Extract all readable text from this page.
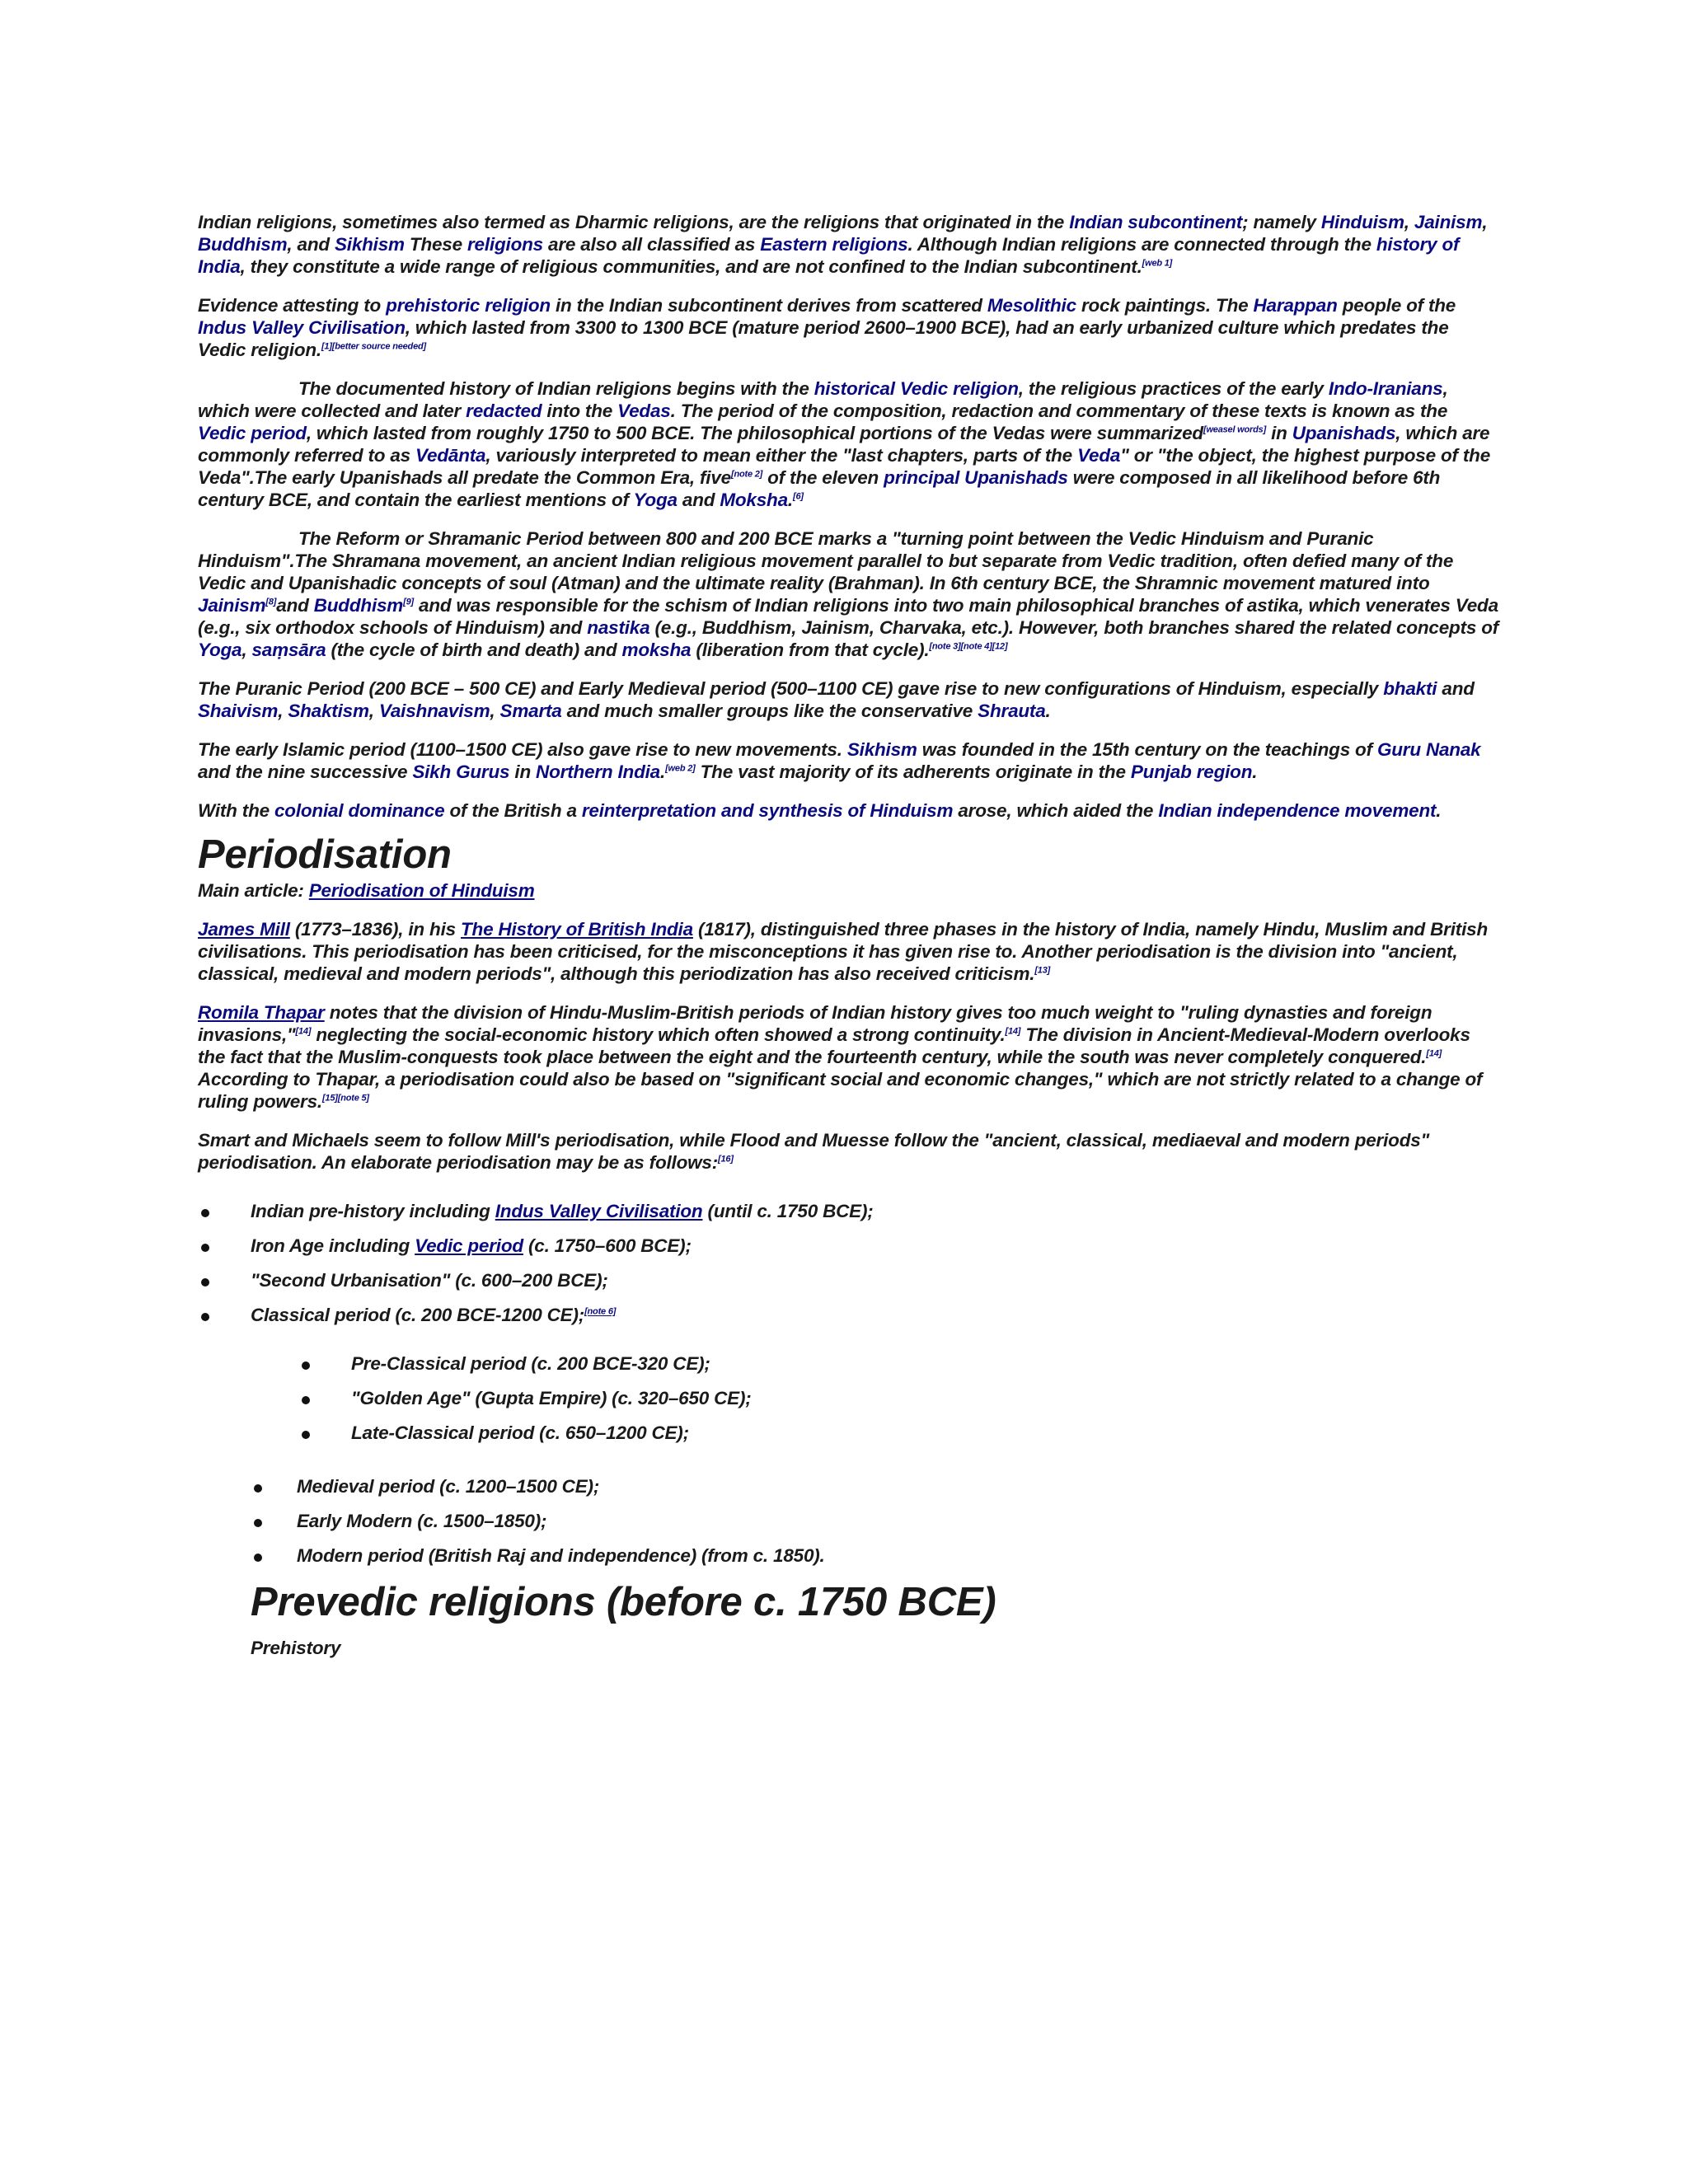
Indian religions, sometimes also termed as Dharmic religions, are the religions that originated in the Indian subcontinent; namely Hinduism, Jainism, Buddhism, and Sikhism These religions are also all classified as Eastern religions. Although Indian religions are connected through the history of India, they constitute a wide range of religious communities, and are not confined to the Indian subcontinent.[web 1]

Evidence attesting to prehistoric religion in the Indian subcontinent derives from scattered Mesolithic rock paintings. The Harappan people of the Indus Valley Civilisation, which lasted from 3300 to 1300 BCE (mature period 2600–1900 BCE), had an early urbanized culture which predates the Vedic religion.[1][better source needed]

The documented history of Indian religions begins with the historical Vedic religion, the religious practices of the early Indo-Iranians, which were collected and later redacted into the Vedas. The period of the composition, redaction and commentary of these texts is known as the Vedic period, which lasted from roughly 1750 to 500 BCE. The philosophical portions of the Vedas were summarized[weasel words] in Upanishads, which are commonly referred to as Vedānta, variously interpreted to mean either the "last chapters, parts of the Veda" or "the object, the highest purpose of the Veda".The early Upanishads all predate the Common Era, five[note 2] of the eleven principal Upanishads were composed in all likelihood before 6th century BCE, and contain the earliest mentions of Yoga and Moksha.[6]

The Reform or Shramanic Period between 800 and 200 BCE marks a "turning point between the Vedic Hinduism and Puranic Hinduism".The Shramana movement, an ancient Indian religious movement parallel to but separate from Vedic tradition, often defied many of the Vedic and Upanishadic concepts of soul (Atman) and the ultimate reality (Brahman). In 6th century BCE, the Shramnic movement matured into Jainism[8]and Buddhism[9] and was responsible for the schism of Indian religions into two main philosophical branches of astika, which venerates Veda (e.g., six orthodox schools of Hinduism) and nastika (e.g., Buddhism, Jainism, Charvaka, etc.). However, both branches shared the related concepts of Yoga, saṃsāra (the cycle of birth and death) and moksha (liberation from that cycle).[note 3][note 4][12]

The Puranic Period (200 BCE – 500 CE) and Early Medieval period (500–1100 CE) gave rise to new configurations of Hinduism, especially bhakti and Shaivism, Shaktism, Vaishnavism, Smarta and much smaller groups like the conservative Shrauta.

The early Islamic period (1100–1500 CE) also gave rise to new movements. Sikhism was founded in the 15th century on the teachings of Guru Nanak and the nine successive Sikh Gurus in Northern India.[web 2] The vast majority of its adherents originate in the Punjab region.

With the colonial dominance of the British a reinterpretation and synthesis of Hinduism arose, which aided the Indian independence movement.

Periodisation

Main article: Periodisation of Hinduism

James Mill (1773–1836), in his The History of British India (1817), distinguished three phases in the history of India, namely Hindu, Muslim and British civilisations. This periodisation has been criticised, for the misconceptions it has given rise to. Another periodisation is the division into "ancient, classical, medieval and modern periods", although this periodization has also received criticism.[13]

Romila Thapar notes that the division of Hindu-Muslim-British periods of Indian history gives too much weight to "ruling dynasties and foreign invasions,"[14] neglecting the social-economic history which often showed a strong continuity.[14] The division in Ancient-Medieval-Modern overlooks the fact that the Muslim-conquests took place between the eight and the fourteenth century, while the south was never completely conquered.[14] According to Thapar, a periodisation could also be based on "significant social and economic changes," which are not strictly related to a change of ruling powers.[15][note 5]

Smart and Michaels seem to follow Mill's periodisation, while Flood and Muesse follow the "ancient, classical, mediaeval and modern periods" periodisation. An elaborate periodisation may be as follows:[16]

Indian pre-history including Indus Valley Civilisation (until c. 1750 BCE);
Iron Age including Vedic period (c. 1750–600 BCE);
"Second Urbanisation" (c. 600–200 BCE);
Classical period (c. 200 BCE-1200 CE);[note 6]
Pre-Classical period (c. 200 BCE-320 CE);
"Golden Age" (Gupta Empire) (c. 320–650 CE);
Late-Classical period (c. 650–1200 CE);
Medieval period (c. 1200–1500 CE);
Early Modern (c. 1500–1850);
Modern period (British Raj and independence) (from c. 1850).
Prevedic religions (before c. 1750 BCE)
Prehistory
